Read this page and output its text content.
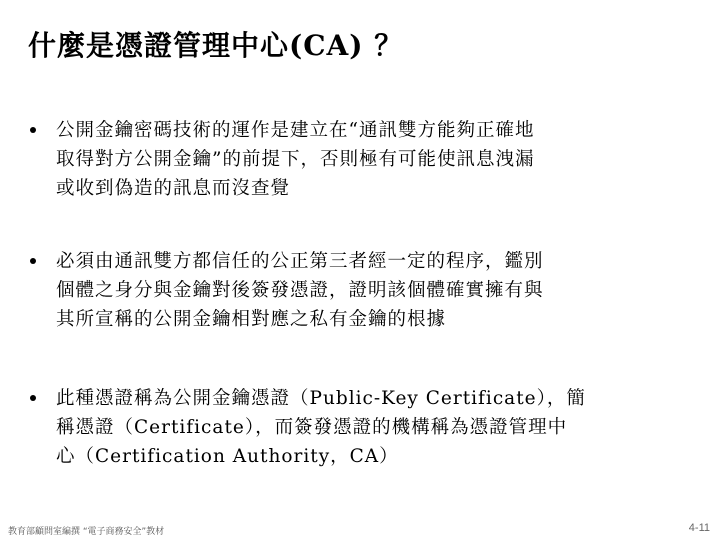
什麼是憑證管理中心(CA) ？
公開金鑰密碼技術的運作是建立在“通訊雙方能夠正確地
取得對方公開金鑰”的前提下，否則極有可能使訊息洩漏
或收到偽造的訊息而沒查覺
必須由通訊雙方都信任的公正第三者經一定的程序，鑑別
個體之身分與金鑰對後簽發憑證，證明該個體確實擁有與
其所宣稱的公開金鑰相對應之私有金鑰的根據
此種憑證稱為公開金鑰憑證（Public-Key Certificate），簡
稱憑證（Certificate），而簽發憑證的機構稱為憑證管理中
心（Certification Authority，CA）
教育部顧問室編撰 “電子商務安全”教材	4-11
